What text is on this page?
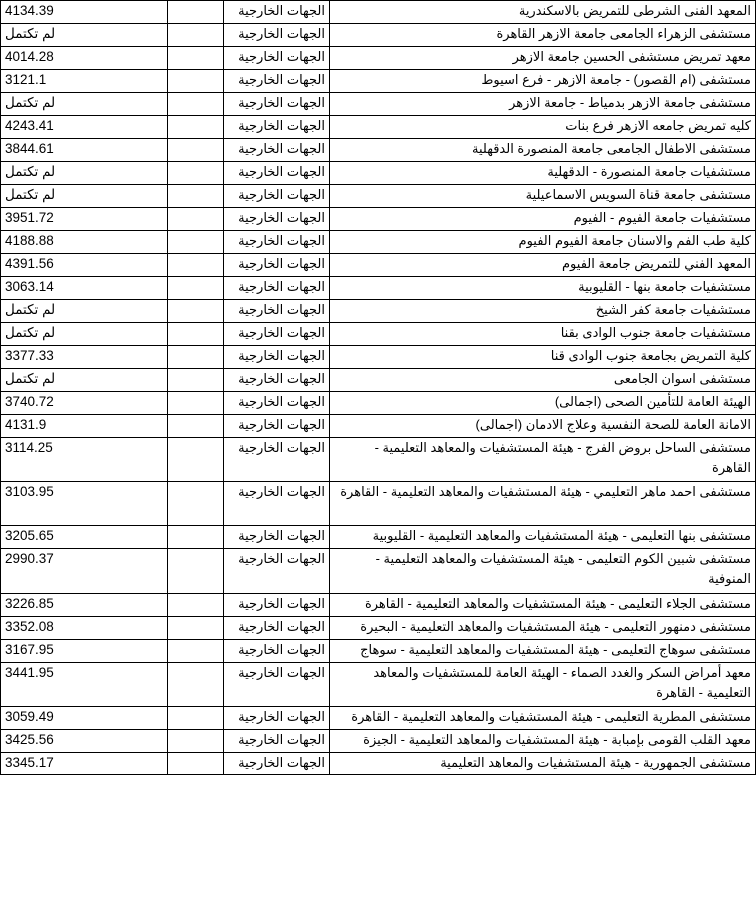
4134.39		الجهات الخارجية	المعهد الفنى الشرطى للتمريض بالاسكندرية
لم تكتمل		الجهات الخارجية	مستشفى الزهراء الجامعى جامعة الازهر القاهرة
4014.28		الجهات الخارجية	معهد تمريض مستشفى الحسين جامعة الازهر
3121.1		الجهات الخارجية	مستشفى (ام القصور) - جامعة الازهر - فرع اسيوط
لم تكتمل		الجهات الخارجية	مستشفى جامعة الازهر بدمياط - جامعة الازهر
4243.41		الجهات الخارجية	كليه تمريض جامعه الازهر فرع بنات
3844.61		الجهات الخارجية	مستشفى الاطفال الجامعى جامعة المنصورة الدقهلية
لم تكتمل		الجهات الخارجية	مستشفيات جامعة المنصورة - الدقهلية
لم تكتمل		الجهات الخارجية	مستشفى جامعة قناة السويس الاسماعيلية
3951.72		الجهات الخارجية	مستشفيات جامعة الفيوم - الفيوم
4188.88		الجهات الخارجية	كلية طب الفم والاسنان جامعة الفيوم الفيوم
4391.56		الجهات الخارجية	المعهد الفني للتمريض جامعة الفيوم
3063.14		الجهات الخارجية	مستشفيات جامعة بنها - القليوبية
لم تكتمل		الجهات الخارجية	مستشفيات جامعة كفر الشيخ
لم تكتمل		الجهات الخارجية	مستشفيات جامعة جنوب الوادى بقنا
3377.33		الجهات الخارجية	كلية التمريض بجامعة جنوب الوادى قنا
لم تكتمل		الجهات الخارجية	مستشفى اسوان الجامعى
3740.72		الجهات الخارجية	الهيئة العامة للتأمين الصحى (اجمالى)
4131.9		الجهات الخارجية	الامانة العامة للصحة النفسية وعلاج الادمان (اجمالى)
3114.25		الجهات الخارجية	مستشفى الساحل بروض الفرج - هيئة المستشفيات والمعاهد التعليمية - القاهرة
3103.95		الجهات الخارجية	مستشفى احمد ماهر التعليمي - هيئة المستشفيات والمعاهد التعليمية - القاهرة
3205.65		الجهات الخارجية	مستشفى بنها التعليمى - هيئة المستشفيات والمعاهد التعليمية - القليوبية
2990.37		الجهات الخارجية	مستشفى شبين الكوم التعليمى - هيئة المستشفيات والمعاهد التعليمية - المنوفية
3226.85		الجهات الخارجية	مستشفى الجلاء التعليمى - هيئة المستشفيات والمعاهد التعليمية - القاهرة
3352.08		الجهات الخارجية	مستشفى دمنهور التعليمى - هيئة المستشفيات والمعاهد التعليمية - البحيرة
3167.95		الجهات الخارجية	مستشفى سوهاج التعليمى - هيئة المستشفيات والمعاهد التعليمية - سوهاج
3441.95		الجهات الخارجية	معهد أمراض السكر والغدد الصماء - الهيئة العامة للمستشفيات والمعاهد التعليمية - القاهرة
3059.49		الجهات الخارجية	مستشفى المطرية التعليمى - هيئة المستشفيات والمعاهد التعليمية - القاهرة
3425.56		الجهات الخارجية	معهد القلب القومى بإمبابة - هيئة المستشفيات والمعاهد التعليمية - الجيزة
3345.17		الجهات الخارجية	مستشفى الجمهورية - هيئة المستشفيات والمعاهد التعليمية
